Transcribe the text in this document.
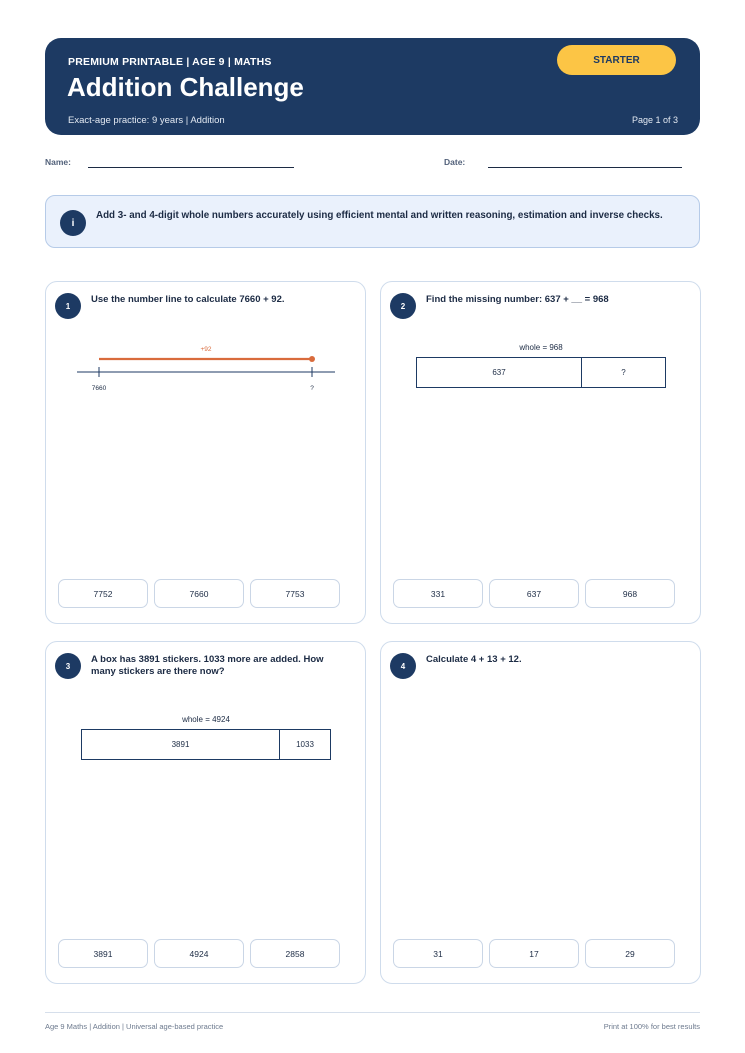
PREMIUM PRINTABLE | AGE 9 | MATHS
Addition Challenge
Exact-age practice: 9 years | Addition	Page 1 of 3
STARTER
Name:	Date:
i
Add 3- and 4-digit whole numbers accurately using efficient mental and written reasoning, estimation and inverse checks.
1
Use the number line to calculate 7660 + 92.
+92
7660	?
7752	7660	7753
2
Find the missing number: 637 + __ = 968
whole = 968
637	?
331	637	968
3
A box has 3891 stickers. 1033 more are added. How many stickers are there now?
whole = 4924
3891	1033
3891	4924	2858
4
Calculate 4 + 13 + 12.
31	17	29
Age 9 Maths | Addition | Universal age-based practice	Print at 100% for best results
